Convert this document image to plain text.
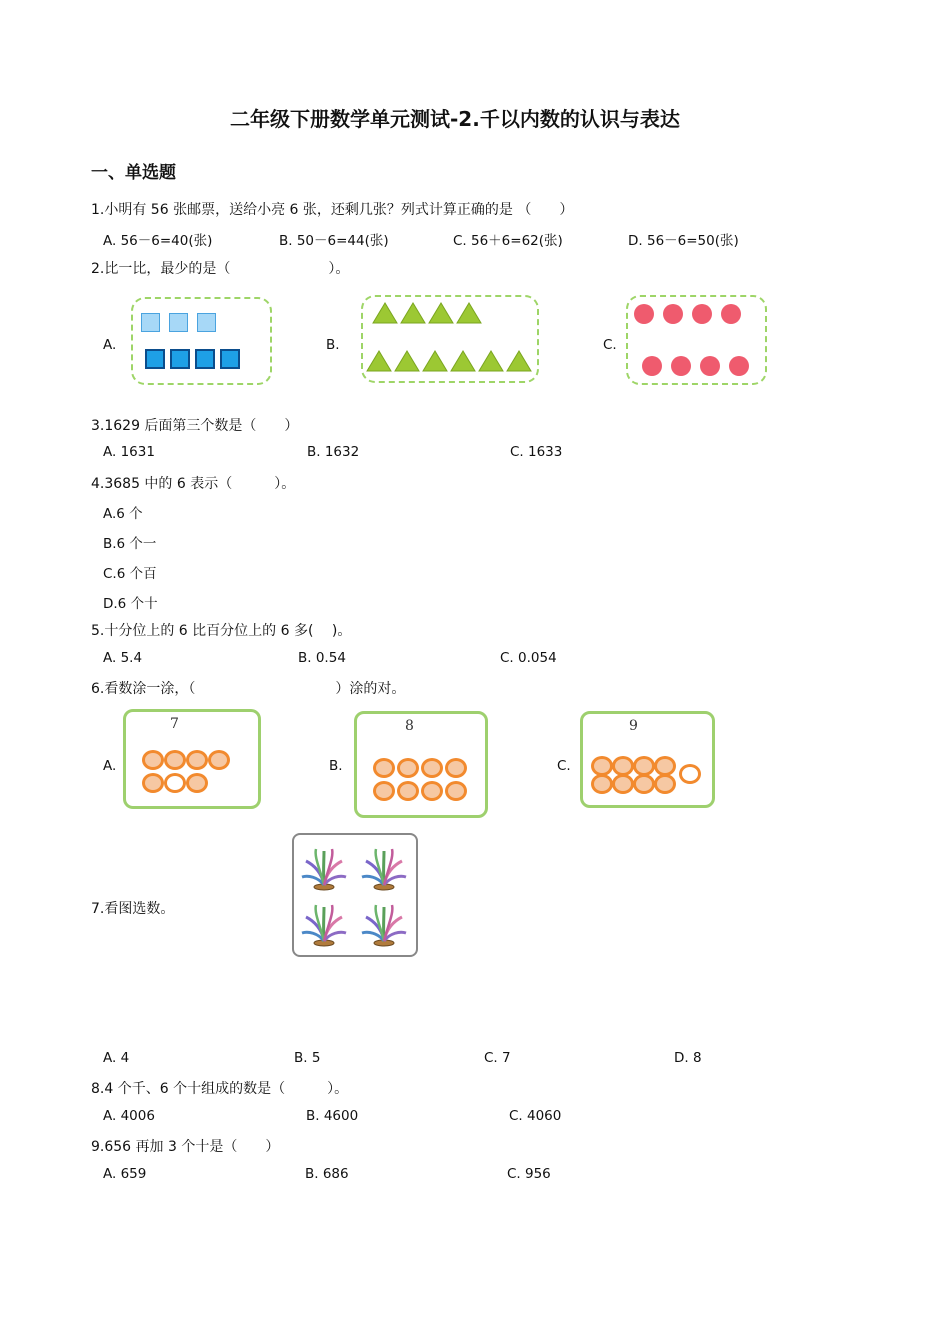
二年级下册数学单元测试-2.千以内数的认识与表达
一、单选题
1.小明有 56 张邮票，送给小亮 6 张，还剩几张？列式计算正确的是 （　　）
A. 56－6=40(张)	B. 50－6=44(张)	C. 56＋6=62(张)	D. 56－6=50(张)
2.比一比，最少的是（　　　　　　　）。
A.	B.	C.
3.1629 后面第三个数是（　　）
A. 1631	B. 1632	C. 1633
4.3685 中的 6 表示（　　　）。
A.6 个
B.6 个一
C.6 个百
D.6 个十
5.十分位上的 6 比百分位上的 6 多(　 )。
A. 5.4	B. 0.54	C. 0.054
6.看数涂一涂，（　　　　　　　　　　）涂的对。
A.
7
B.
8
C.
9
7.看图选数。
A. 4	B. 5	C. 7	D. 8
8.4 个千、6 个十组成的数是（　　　）。
A. 4006	B. 4600	C. 4060
9.656 再加 3 个十是（　　）
A. 659	B. 686	C. 956
